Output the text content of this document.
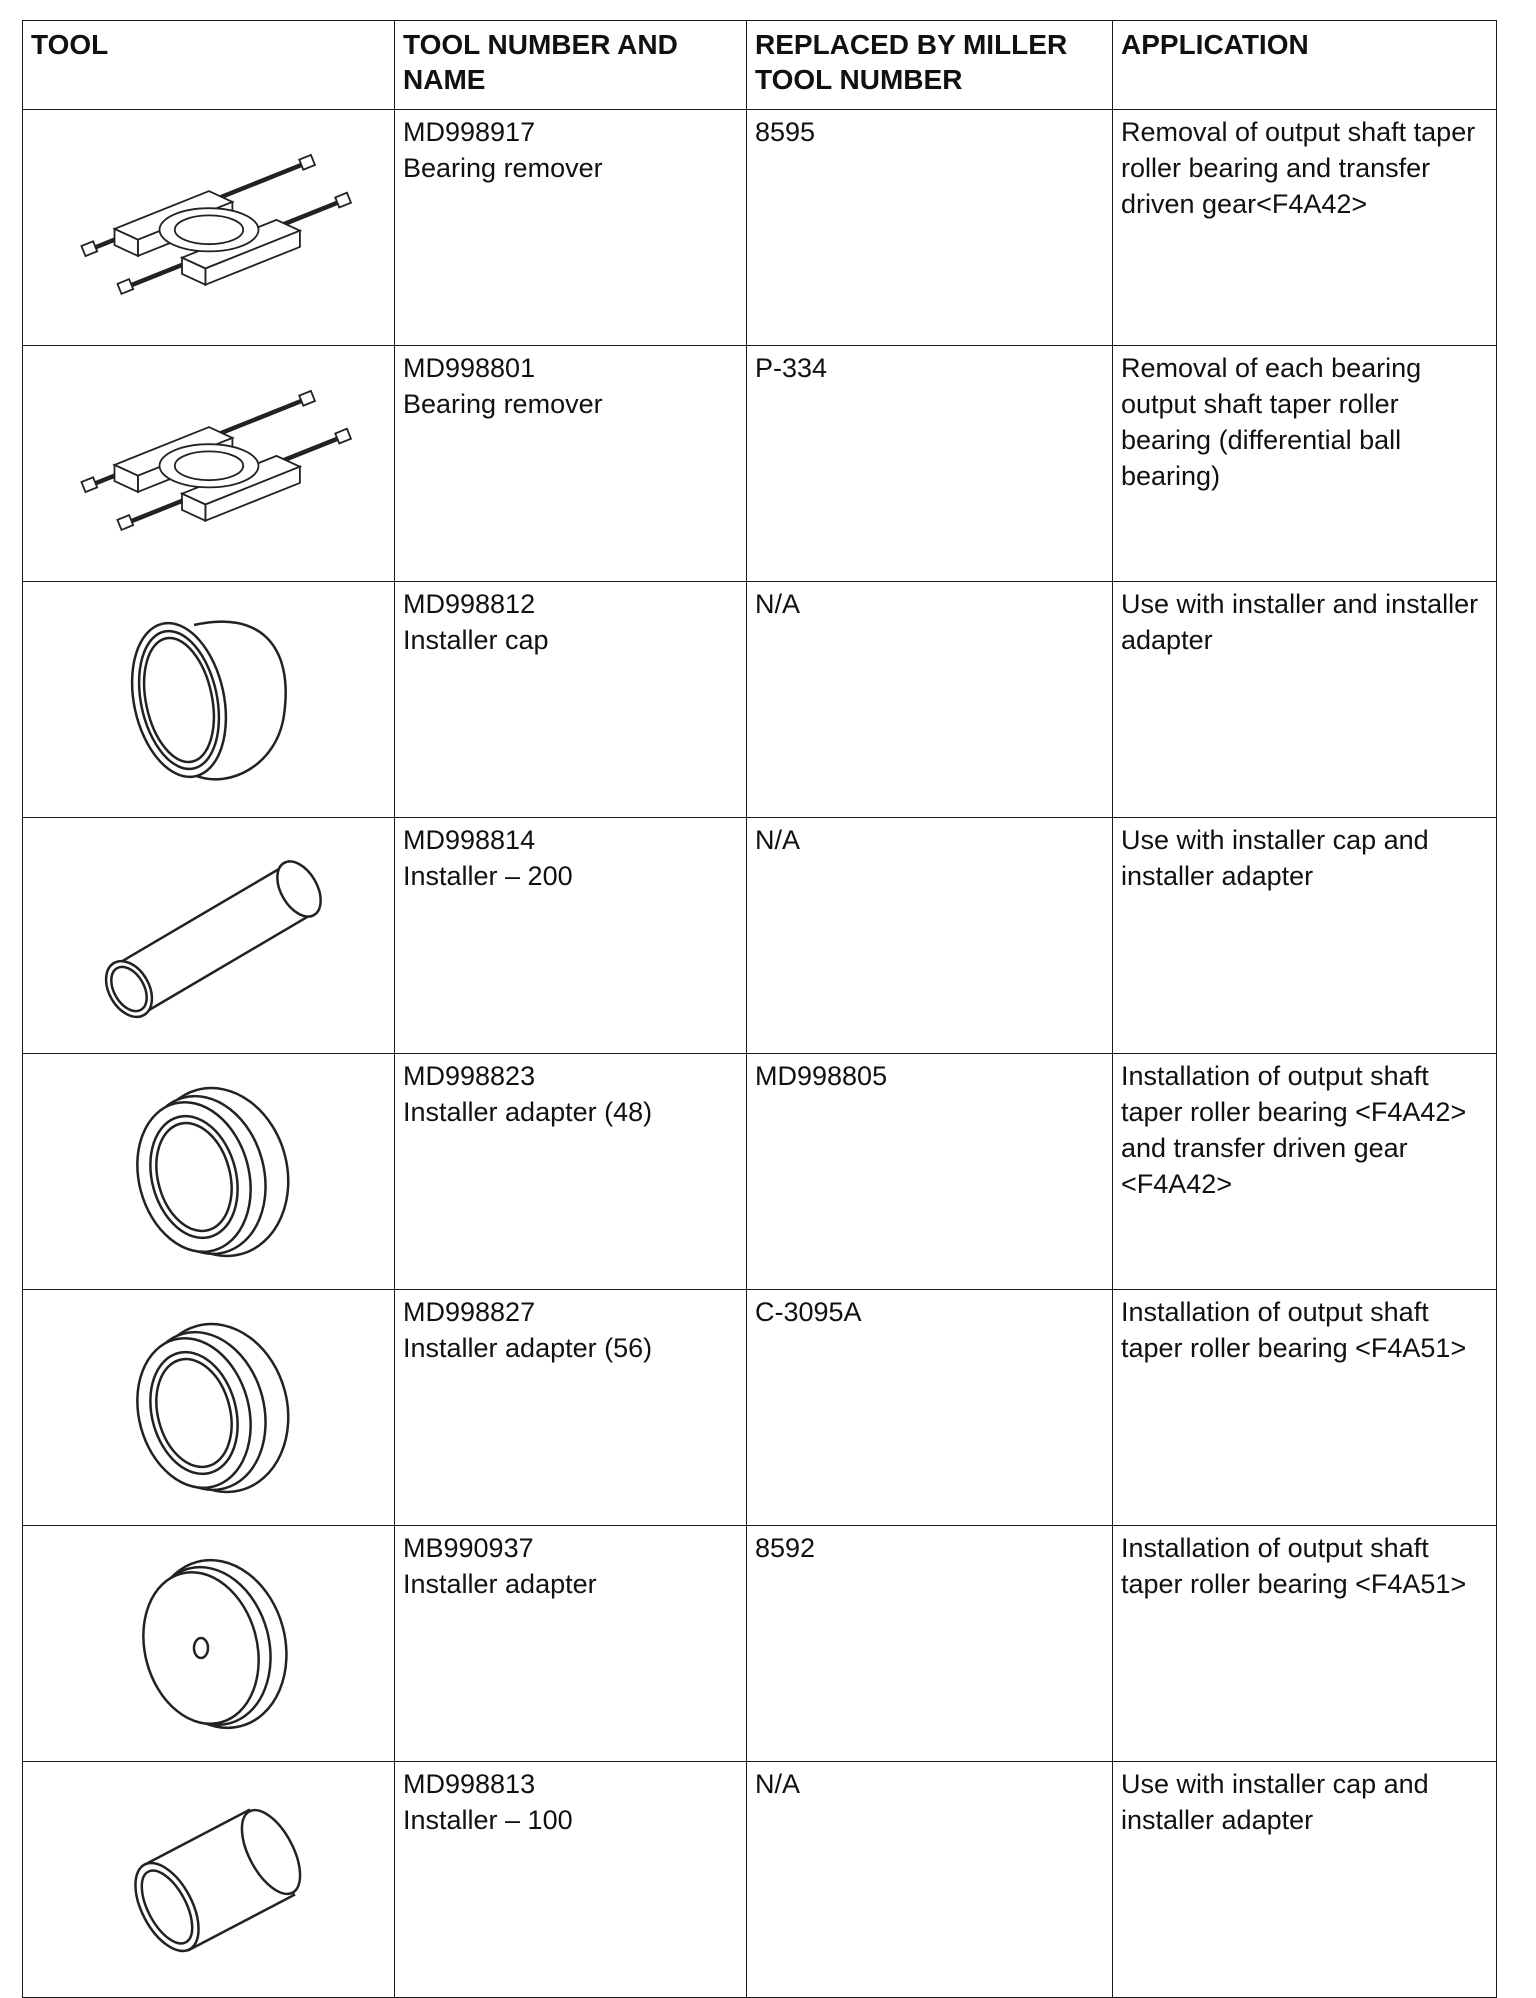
TOOL	TOOL NUMBER AND NAME	REPLACED BY MILLER TOOL NUMBER	APPLICATION

MD998917
Bearing remover	8595	Removal of output shaft taper roller bearing and transfer driven gear<F4A42>

MD998801
Bearing remover	P-334	Removal of each bearing output shaft taper roller bearing (differential ball bearing)

MD998812
Installer cap	N/A	Use with installer and installer adapter

MD998814
Installer – 200	N/A	Use with installer cap and installer adapter

MD998823
Installer adapter (48)	MD998805	Installation of output shaft taper roller bearing <F4A42> and transfer driven gear <F4A42>

MD998827
Installer adapter (56)	C-3095A	Installation of output shaft taper roller bearing <F4A51>

MB990937
Installer adapter	8592	Installation of output shaft taper roller bearing <F4A51>

MD998813
Installer – 100	N/A	Use with installer cap and installer adapter
